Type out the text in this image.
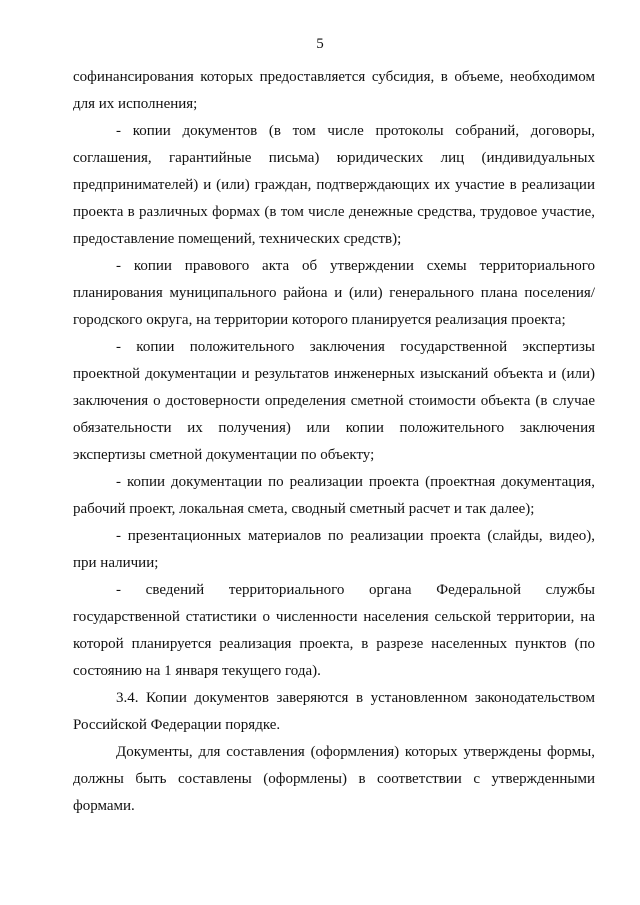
5

софинансирования которых предоставляется субсидия, в объеме, необходимом для их исполнения;

- копии документов (в том числе протоколы собраний, договоры, соглашения, гарантийные письма) юридических лиц (индивидуальных предпринимателей) и (или) граждан, подтверждающих их участие в реализации проекта в различных формах (в том числе денежные средства, трудовое участие, предоставление помещений, технических средств);

- копии правового акта об утверждении схемы территориального планирования муниципального района и (или) генерального плана поселения/городского округа, на территории которого планируется реализация проекта;

- копии положительного заключения государственной экспертизы проектной документации и результатов инженерных изысканий объекта и (или) заключения о достоверности определения сметной стоимости объекта (в случае обязательности их получения) или копии положительного заключения экспертизы сметной документации по объекту;

- копии документации по реализации проекта (проектная документация, рабочий проект, локальная смета, сводный сметный расчет и так далее);

- презентационных материалов по реализации проекта (слайды, видео), при наличии;

- сведений территориального органа Федеральной службы государственной статистики о численности населения сельской территории, на которой планируется реализация проекта, в разрезе населенных пунктов (по состоянию на 1 января текущего года).

3.4. Копии документов заверяются в установленном законодательством Российской Федерации порядке.

Документы, для составления (оформления) которых утверждены формы, должны быть составлены (оформлены) в соответствии с утвержденными формами.
